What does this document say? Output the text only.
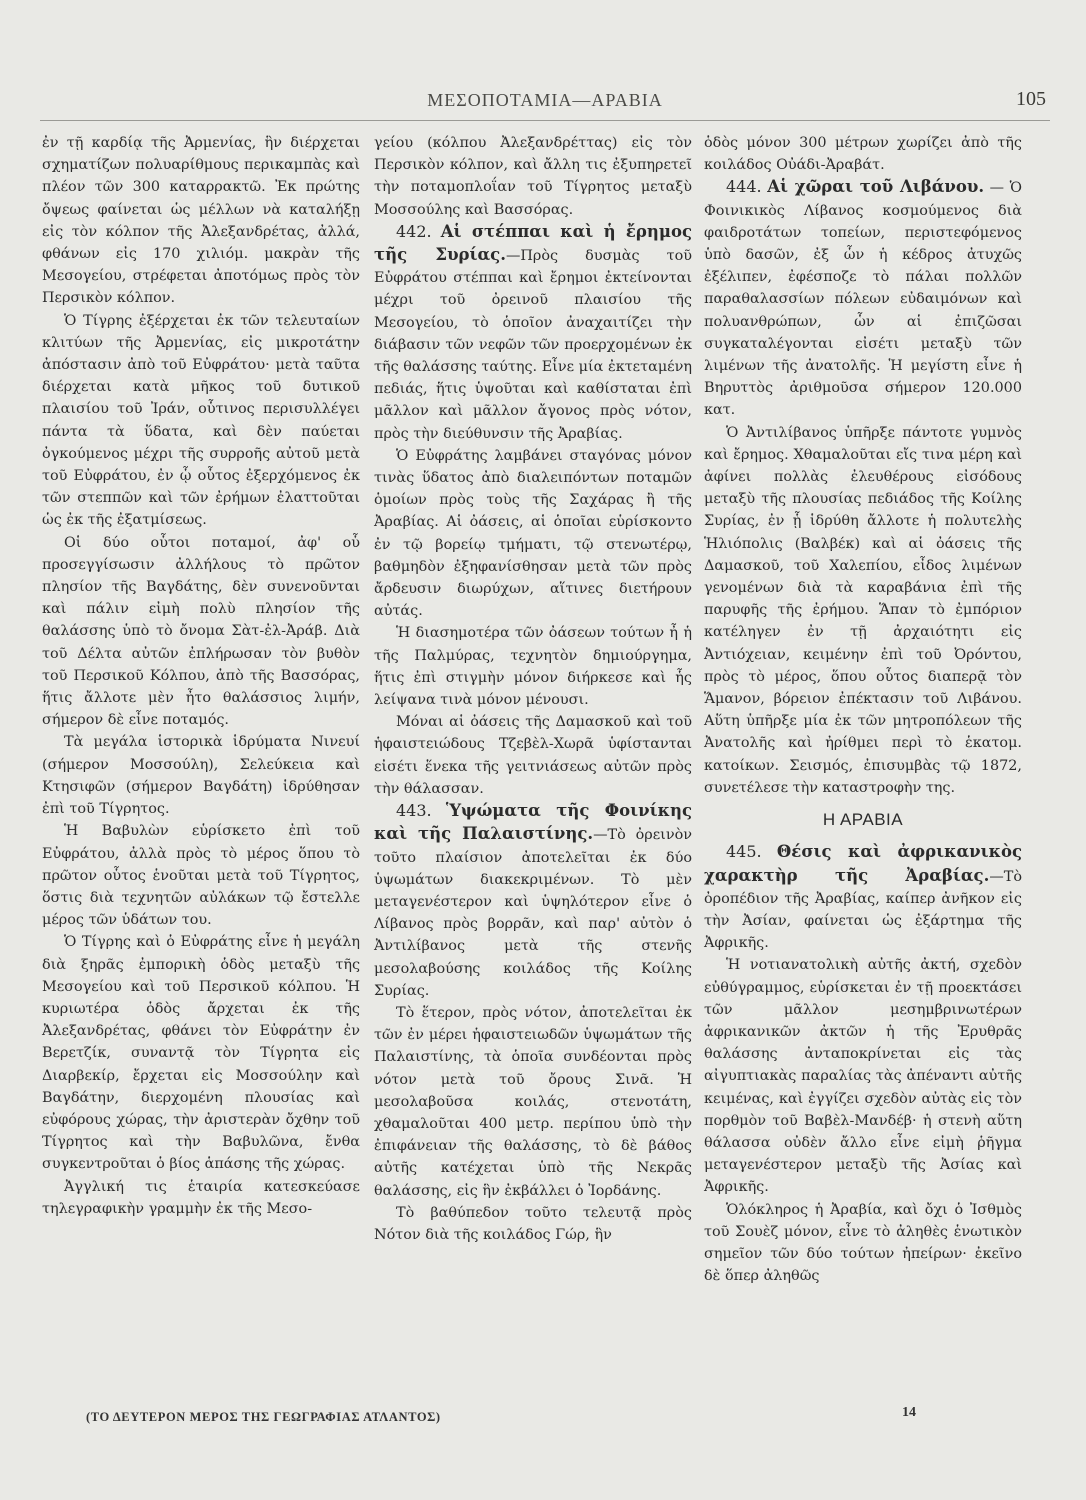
ΜΕΣΟΠΟΤΑΜΙΑ—ΑΡΑΒΙΑ	105

ἐν τῇ καρδίᾳ τῆς Ἀρμενίας, ἣν διέρχεται σχηματίζων πολυαρίθμους περικαμπὰς καὶ πλέον τῶν 300 καταρρακτῶ. Ἐκ πρώτης ὄψεως φαίνεται ὡς μέλλων νὰ καταλήξῃ εἰς τὸν κόλπον τῆς Ἀλεξανδρέτας, ἀλλά, φθάνων εἰς 170 χιλιόμ. μακρὰν τῆς Μεσογείου, στρέφεται ἀποτόμως πρὸς τὸν Περσικὸν κόλπον.

Ὁ Τίγρης ἐξέρχεται ἐκ τῶν τελευταίων κλιτύων τῆς Ἀρμενίας, εἰς μικροτάτην ἀπόστασιν ἀπὸ τοῦ Εὐφράτου· μετὰ ταῦτα διέρχεται κατὰ μῆκος τοῦ δυτικοῦ πλαισίου τοῦ Ἰράν, οὗτινος περισυλλέγει πάντα τὰ ὕδατα, καὶ δὲν παύεται ὀγκούμενος μέχρι τῆς συρροῆς αὐτοῦ μετὰ τοῦ Εὐφράτου, ἐν ᾧ οὗτος ἐξερχόμενος ἐκ τῶν στεππῶν καὶ τῶν ἐρήμων ἐλαττοῦται ὡς ἐκ τῆς ἐξατμίσεως.

Οἱ δύο οὗτοι ποταμοί, ἀφ' οὗ προσεγγίσωσιν ἀλλήλους τὸ πρῶτον πλησίον τῆς Βαγδάτης, δὲν συνενοῦνται καὶ πάλιν εἰμὴ πολὺ πλησίον τῆς θαλάσσης ὑπὸ τὸ ὄνομα Σὰτ-ἐλ-Ἀράβ. Διὰ τοῦ Δέλτα αὐτῶν ἐπλήρωσαν τὸν βυθὸν τοῦ Περσικοῦ Κόλπου, ἀπὸ τῆς Βασσόρας, ἥτις ἄλλοτε μὲν ἦτο θαλάσσιος λιμήν, σήμερον δὲ εἶνε ποταμός.

Τὰ μεγάλα ἱστορικὰ ἱδρύματα Νινευί (σήμερον Μοσσούλη), Σελεύκεια καὶ Κτησιφῶν (σήμερον Βαγδάτη) ἱδρύθησαν ἐπὶ τοῦ Τίγρητος.

Ἡ Βαβυλὼν εὑρίσκετο ἐπὶ τοῦ Εὐφράτου, ἀλλὰ πρὸς τὸ μέρος ὅπου τὸ πρῶτον οὗτος ἑνοῦται μετὰ τοῦ Τίγρητος, ὅστις διὰ τεχνητῶν αὐλάκων τῷ ἔστελλε μέρος τῶν ὑδάτων του.

Ὁ Τίγρης καὶ ὁ Εὐφράτης εἶνε ἡ μεγάλη διὰ ξηρᾶς ἐμπορικὴ ὁδὸς μεταξὺ τῆς Μεσογείου καὶ τοῦ Περσικοῦ κόλπου. Ἡ κυριωτέρα ὁδὸς ἄρχεται ἐκ τῆς Ἀλεξανδρέτας, φθάνει τὸν Εὐφράτην ἐν Βερετζίκ, συναντᾷ τὸν Τίγρητα εἰς Διαρβεκίρ, ἔρχεται εἰς Μοσσούλην καὶ Βαγδάτην, διερχομένη πλουσίας καὶ εὐφόρους χώρας, τὴν ἀριστερὰν ὄχθην τοῦ Τίγρητος καὶ τὴν Βαβυλῶνα, ἔνθα συγκεντροῦται ὁ βίος ἁπάσης τῆς χώρας.

Ἀγγλική τις ἑταιρία κατεσκεύασε τηλεγραφικὴν γραμμὴν ἐκ τῆς Μεσο-

γείου (κόλπου Ἀλεξανδρέττας) εἰς τὸν Περσικὸν κόλπον, καὶ ἄλλη τις ἐξυπηρετεῖ τὴν ποταμοπλοΐαν τοῦ Τίγρητος μεταξὺ Μοσσούλης καὶ Βασσόρας.

442. Αἱ στέππαι καὶ ἡ ἔρημος τῆς Συρίας.—Πρὸς δυσμὰς τοῦ Εὐφράτου στέππαι καὶ ἔρημοι ἐκτείνονται μέχρι τοῦ ὀρεινοῦ πλαισίου τῆς Μεσογείου, τὸ ὁποῖον ἀναχαιτίζει τὴν διάβασιν τῶν νεφῶν τῶν προερχομένων ἐκ τῆς θαλάσσης ταύτης. Εἶνε μία ἐκτεταμένη πεδιάς, ἥτις ὑψοῦται καὶ καθίσταται ἐπὶ μᾶλλον καὶ μᾶλλον ἄγονος πρὸς νότον, πρὸς τὴν διεύθυνσιν τῆς Ἀραβίας.

Ὁ Εὐφράτης λαμβάνει σταγόνας μόνον τινὰς ὕδατος ἀπὸ διαλειπόντων ποταμῶν ὁμοίων πρὸς τοὺς τῆς Σαχάρας ἢ τῆς Ἀραβίας. Αἱ ὀάσεις, αἱ ὁποῖαι εὑρίσκοντο ἐν τῷ βορείῳ τμήματι, τῷ στενωτέρῳ, βαθμηδὸν ἐξηφανίσθησαν μετὰ τῶν πρὸς ἄρδευσιν διωρύχων, αἵτινες διετήρουν αὐτάς.

Ἡ διασημοτέρα τῶν ὀάσεων τούτων ἦ ἡ τῆς Παλμύρας, τεχνητὸν δημιούργημα, ἥτις ἐπὶ στιγμὴν μόνον διήρκεσε καὶ ἧς λείψανα τινὰ μόνον μένουσι.

Μόναι αἱ ὀάσεις τῆς Δαμασκοῦ καὶ τοῦ ἡφαιστειώδους Τζεβὲλ-Χωρᾶ ὑφίστανται εἰσέτι ἕνεκα τῆς γειτνιάσεως αὐτῶν πρὸς τὴν θάλασσαν.

443. Ὑψώματα τῆς Φοινίκης καὶ τῆς Παλαιστίνης.—Τὸ ὀρεινὸν τοῦτο πλαίσιον ἀποτελεῖται ἐκ δύο ὑψωμάτων διακεκριμένων. Τὸ μὲν μεταγενέστερον καὶ ὑψηλότερον εἶνε ὁ Λίβανος πρὸς βορρᾶν, καὶ παρ' αὐτὸν ὁ Ἀντιλίβανος μετὰ τῆς στενῆς μεσολαβούσης κοιλάδος τῆς Κοίλης Συρίας.

Τὸ ἕτερον, πρὸς νότον, ἀποτελεῖται ἐκ τῶν ἐν μέρει ἡφαιστειωδῶν ὑψωμάτων τῆς Παλαιστίνης, τὰ ὁποῖα συνδέονται πρὸς νότον μετὰ τοῦ ὄρους Σινᾶ. Ἡ μεσολαβοῦσα κοιλάς, στενοτάτη, χθαμαλοῦται 400 μετρ. περίπου ὑπὸ τὴν ἐπιφάνειαν τῆς θαλάσσης, τὸ δὲ βάθος αὐτῆς κατέχεται ὑπὸ τῆς Νεκρᾶς θαλάσσης, εἰς ἣν ἐκβάλλει ὁ Ἰορδάνης.

Τὸ βαθύπεδον τοῦτο τελευτᾷ πρὸς Νότον διὰ τῆς κοιλάδος Γώρ, ἣν

ὁδὸς μόνον 300 μέτρων χωρίζει ἀπὸ τῆς κοιλάδος Οὐάδι-Ἀραβάτ.

444. Αἱ χῶραι τοῦ Λιβάνου. — Ὁ Φοινικικὸς Λίβανος κοσμούμενος διὰ φαιδροτάτων τοπείων, περιστεφόμενος ὑπὸ δασῶν, ἐξ ὧν ἡ κέδρος ἀτυχῶς ἐξέλιπεν, ἐφέσποζε τὸ πάλαι πολλῶν παραθαλασσίων πόλεων εὐδαιμόνων καὶ πολυανθρώπων, ὧν αἱ ἐπιζῶσαι συγκαταλέγονται εἰσέτι μεταξὺ τῶν λιμένων τῆς ἀνατολῆς. Ἡ μεγίστη εἶνε ἡ Βηρυττὸς ἀριθμοῦσα σήμερον 120.000 κατ.

Ὁ Ἀντιλίβανος ὑπῆρξε πάντοτε γυμνὸς καὶ ἔρημος. Χθαμαλοῦται εἴς τινα μέρη καὶ ἀφίνει πολλὰς ἐλευθέρους εἰσόδους μεταξὺ τῆς πλουσίας πεδιάδος τῆς Κοίλης Συρίας, ἐν ᾗ ἱδρύθη ἄλλοτε ἡ πολυτελὴς Ἡλιόπολις (Βαλβέκ) καὶ αἱ ὀάσεις τῆς Δαμασκοῦ, τοῦ Χαλεπίου, εἶδος λιμένων γενομένων διὰ τὰ καραβάνια ἐπὶ τῆς παρυφῆς τῆς ἐρήμου. Ἅπαν τὸ ἐμπόριον κατέληγεν ἐν τῇ ἀρχαιότητι εἰς Ἀντιόχειαν, κειμένην ἐπὶ τοῦ Ὀρόντου, πρὸς τὸ μέρος, ὅπου οὗτος διαπερᾷ τὸν Ἅμανον, βόρειον ἐπέκτασιν τοῦ Λιβάνου. Αὕτη ὑπῆρξε μία ἐκ τῶν μητροπόλεων τῆς Ἀνατολῆς καὶ ἠρίθμει περὶ τὸ ἑκατομ. κατοίκων. Σεισμός, ἐπισυμβὰς τῷ 1872, συνετέλεσε τὴν καταστροφὴν της.

Η ΑΡΑΒΙΑ

445. Θέσις καὶ ἀφρικανικὸς χαρακτὴρ τῆς Ἀραβίας.—Τὸ ὀροπέδιον τῆς Ἀραβίας, καίπερ ἀνῆκον εἰς τὴν Ἀσίαν, φαίνεται ὡς ἐξάρτημα τῆς Ἀφρικῆς.

Ἡ νοτιανατολικὴ αὐτῆς ἀκτή, σχεδὸν εὐθύγραμμος, εὑρίσκεται ἐν τῇ προεκτάσει τῶν μᾶλλον μεσημβρινωτέρων ἀφρικανικῶν ἀκτῶν ἡ τῆς Ἐρυθρᾶς θαλάσσης ἀνταποκρίνεται εἰς τὰς αἰγυπτιακὰς παραλίας τὰς ἀπέναντι αὐτῆς κειμένας, καὶ ἐγγίζει σχεδὸν αὐτὰς εἰς τὸν πορθμὸν τοῦ Βαβὲλ-Μανδέβ· ἡ στενὴ αὕτη θάλασσα οὐδὲν ἄλλο εἶνε εἰμὴ ῥῆγμα μεταγενέστερον μεταξὺ τῆς Ἀσίας καὶ Ἀφρικῆς.

Ὁλόκληρος ἡ Ἀραβία, καὶ ὄχι ὁ Ἰσθμὸς τοῦ Σουὲζ μόνον, εἶνε τὸ ἀληθὲς ἑνωτικὸν σημεῖον τῶν δύο τούτων ἠπείρων· ἐκεῖνο δὲ ὅπερ ἀληθῶς

(ΤΟ ΔΕΥΤΕΡΟΝ ΜΕΡΟΣ ΤΗΣ ΓΕΩΓΡΑΦΙΑΣ ΑΤΛΑΝΤΟΣ)	14
